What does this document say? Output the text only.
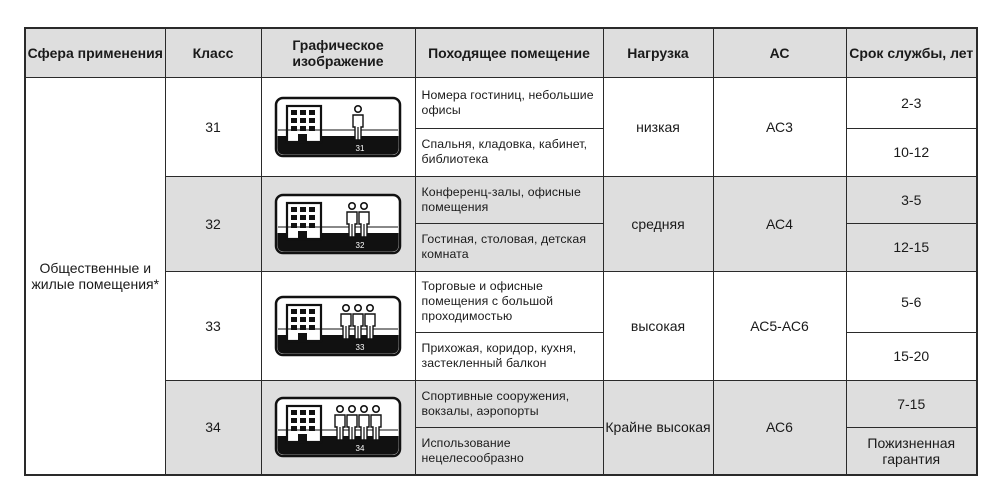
Сфера применения	Класс	Графическое изображение	Походящее помещение	Нагрузка	АС	Срок службы, лет
Общественные и жилые помещения*	31	31	Номера гостиниц, небольшие офисы	низкая	АС3	2-3
			Спальня, кладовка, кабинет, библиотека			10-12
	32	32	Конференц-залы, офисные помещения	средняя	АС4	3-5
			Гостиная, столовая, детская комната			12-15
	33	33	Торговые и офисные помещения с большой проходимостью	высокая	АС5-АС6	5-6
			Прихожая, коридор, кухня, застекленный балкон			15-20
	34	34	Спортивные сооружения, вокзалы, аэропорты	Крайне высокая	АС6	7-15
			Использование нецелесообразно			Пожизненная гарантия
